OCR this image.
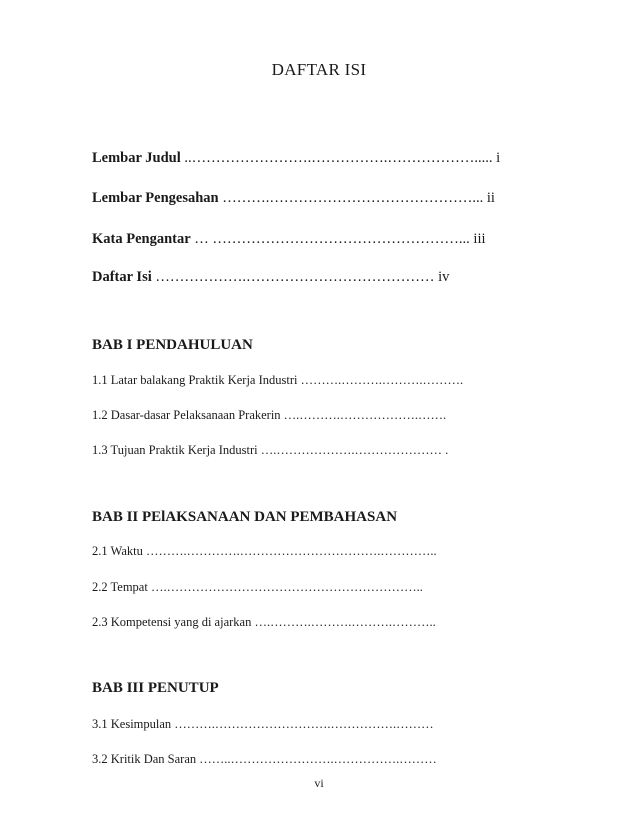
DAFTAR ISI
Lembar Judul ..…………………….…………….………………..... i
Lembar Pengesahan ……….……………………………………... ii
Kata Pengantar … ……………………………………………... iii
Daftar Isi ……………….………………………………… iv
BAB I PENDAHULUAN
1.1 Latar balakang Praktik Kerja Industri ……….……….……….……….
1.2 Dasar-dasar Pelaksanaan Prakerin ….……….……………….…….
1.3 Tujuan Praktik Kerja Industri ….……………….………………… .
BAB II PElAKSANAAN DAN PEMBAHASAN
2.1 Waktu ……….………….…………………………….…………..
2.2 Tempat ….……………………………………………………..
2.3 Kompetensi yang di ajarkan ….……….……….……….………..
BAB III PENUTUP
3.1 Kesimpulan ……….……………………….…………….………
3.2 Kritik Dan Saran ……..…………………….…………….………
vi
